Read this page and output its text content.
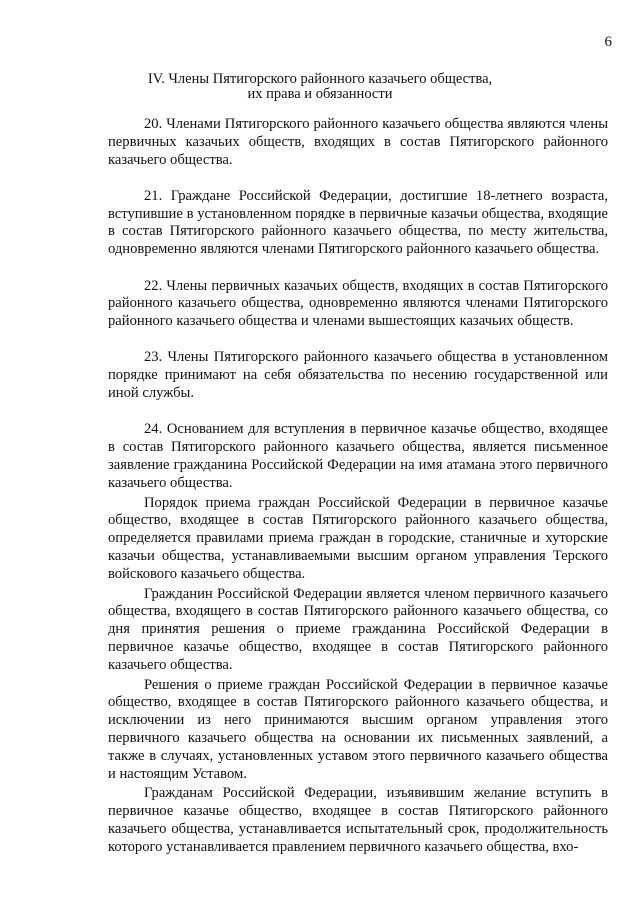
6
IV. Члены Пятигорского районного казачьего общества,
их права и обязанности

20. Членами Пятигорского районного казачьего общества являются члены первичных казачьих обществ, входящих в состав Пятигорского районного казачьего общества.

21. Граждане Российской Федерации, достигшие 18-летнего возраста, вступившие в установленном порядке в первичные казачьи общества, входящие в состав Пятигорского районного казачьего общества, по месту жительства, одновременно являются членами Пятигорского районного казачьего общества.

22. Члены первичных казачьих обществ, входящих в состав Пятигорского районного казачьего общества, одновременно являются членами Пятигорского районного казачьего общества и членами вышестоящих казачьих обществ.

23. Члены Пятигорского районного казачьего общества в установленном порядке принимают на себя обязательства по несению государственной или иной службы.

24. Основанием для вступления в первичное казачье общество, входящее в состав Пятигорского районного казачьего общества, является письменное заявление гражданина Российской Федерации на имя атамана этого первичного казачьего общества.

Порядок приема граждан Российской Федерации в первичное казачье общество, входящее в состав Пятигорского районного казачьего общества, определяется правилами приема граждан в городские, станичные и хуторские казачьи общества, устанавливаемыми высшим органом управления Терского войскового казачьего общества.

Гражданин Российской Федерации является членом первичного казачьего общества, входящего в состав Пятигорского районного казачьего общества, со дня принятия решения о приеме гражданина Российской Федерации в первичное казачье общество, входящее в состав Пятигорского районного казачьего общества.

Решения о приеме граждан Российской Федерации в первичное казачье общество, входящее в состав Пятигорского районного казачьего общества, и исключении из него принимаются высшим органом управления этого первичного казачьего общества на основании их письменных заявлений, а также в случаях, установленных уставом этого первичного казачьего общества и настоящим Уставом.

Гражданам Российской Федерации, изъявившим желание вступить в первичное казачье общество, входящее в состав Пятигорского районного казачьего общества, устанавливается испытательный срок, продолжительность которого устанавливается правлением первичного казачьего общества, вхо-
